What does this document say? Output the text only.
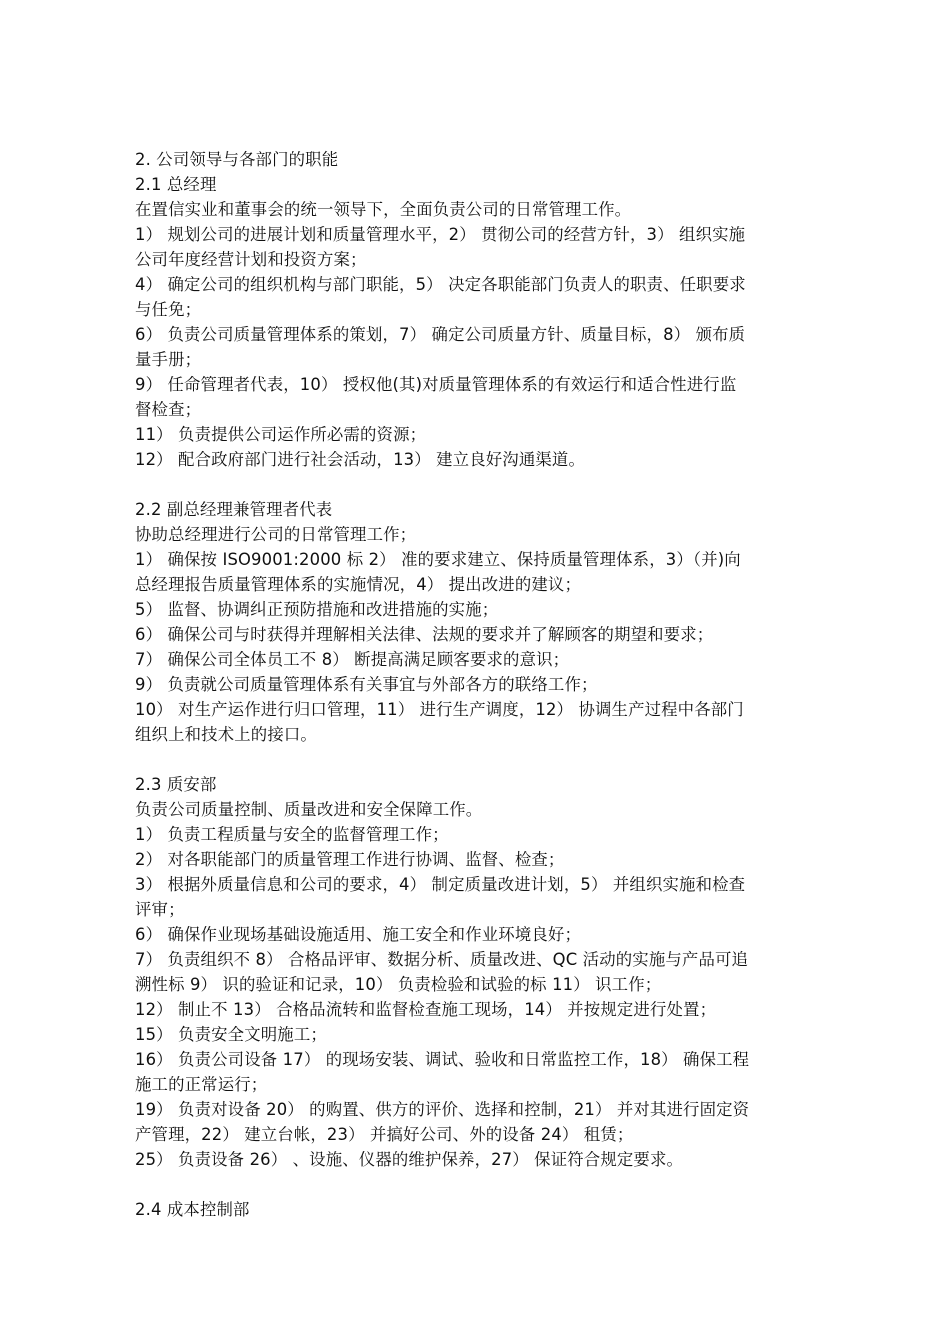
2. 公司领导与各部门的职能
2.1 总经理
在置信实业和董事会的统一领导下，全面负责公司的日常管理工作。
1） 规划公司的进展计划和质量管理水平，2） 贯彻公司的经营方针，3） 组织实施
公司年度经营计划和投资方案；
4） 确定公司的组织机构与部门职能，5） 决定各职能部门负责人的职责、任职要求
与任免；
6） 负责公司质量管理体系的策划，7） 确定公司质量方针、质量目标，8） 颁布质
量手册；
9） 任命管理者代表，10） 授权他(其)对质量管理体系的有效运行和适合性进行监
督检查；
11） 负责提供公司运作所必需的资源；
12） 配合政府部门进行社会活动，13） 建立良好沟通渠道。
2.2 副总经理兼管理者代表
协助总经理进行公司的日常管理工作；
1） 确保按 ISO9001:2000 标 2） 准的要求建立、保持质量管理体系，3）（并)向
总经理报告质量管理体系的实施情况，4） 提出改进的建议；
5） 监督、协调纠正预防措施和改进措施的实施；
6） 确保公司与时获得并理解相关法律、法规的要求并了解顾客的期望和要求；
7） 确保公司全体员工不 8） 断提高满足顾客要求的意识；
9） 负责就公司质量管理体系有关事宜与外部各方的联络工作；
10） 对生产运作进行归口管理，11） 进行生产调度，12） 协调生产过程中各部门
组织上和技术上的接口。
2.3 质安部
负责公司质量控制、质量改进和安全保障工作。
1） 负责工程质量与安全的监督管理工作；
2） 对各职能部门的质量管理工作进行协调、监督、检查；
3） 根据外质量信息和公司的要求，4） 制定质量改进计划，5） 并组织实施和检查
评审；
6） 确保作业现场基础设施适用、施工安全和作业环境良好；
7） 负责组织不 8） 合格品评审、数据分析、质量改进、QC 活动的实施与产品可追
溯性标 9） 识的验证和记录，10） 负责检验和试验的标 11） 识工作；
12） 制止不 13） 合格品流转和监督检查施工现场，14） 并按规定进行处置；
15） 负责安全文明施工；
16） 负责公司设备 17） 的现场安装、调试、验收和日常监控工作，18） 确保工程
施工的正常运行；
19） 负责对设备 20） 的购置、供方的评价、选择和控制，21） 并对其进行固定资
产管理，22） 建立台帐，23） 并搞好公司、外的设备 24） 租赁；
25） 负责设备 26） 、设施、仪器的维护保养，27） 保证符合规定要求。
2.4 成本控制部
